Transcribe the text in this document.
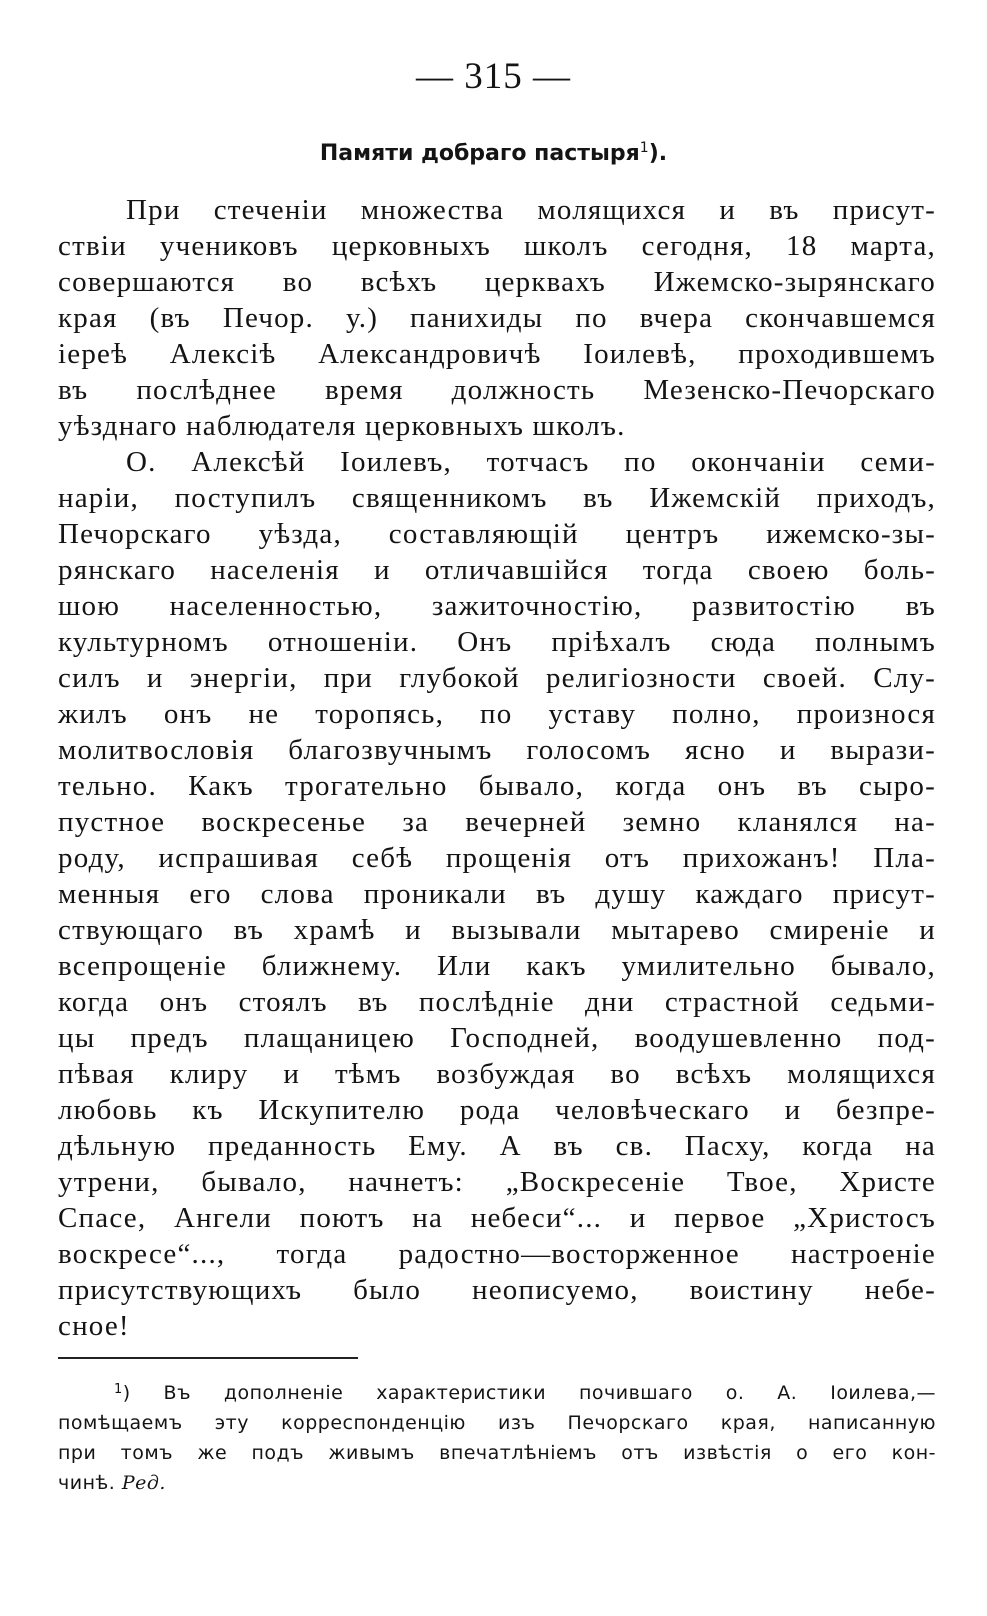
— 315 —
Памяти добраго пастыря$^1$).
При стеченіи множества молящихся и въ присут-
ствіи учениковъ церковныхъ школъ сегодня, 18 марта,
совершаются во всѣхъ церквахъ Ижемско-зырянскаго
края (въ Печор. у.) панихиды по вчера скончавшемся
іереѣ Алексіѣ Александровичѣ Іоилевѣ, проходившемъ
въ послѣднее время должность Мезенско-Печорскаго
уѣзднаго наблюдателя церковныхъ школъ.
О. Алексѣй Іоилевъ, тотчасъ по окончаніи семи-
наріи, поступилъ священникомъ въ Ижемскій приходъ,
Печорскаго уѣзда, составляющій центръ ижемско-зы-
рянскаго населенія и отличавшійся тогда своею боль-
шою населенностью, зажиточностію, развитостію въ
культурномъ отношеніи. Онъ пріѣхалъ сюда полнымъ
силъ и энергіи, при глубокой религіозности своей. Слу-
жилъ онъ не торопясь, по уставу полно, произнося
молитвословія благозвучнымъ голосомъ ясно и вырази-
тельно. Какъ трогательно бывало, когда онъ въ сыро-
пустное воскресенье за вечерней земно кланялся на-
роду, испрашивая себѣ прощенія отъ прихожанъ! Пла-
менныя его слова проникали въ душу каждаго присут-
ствующаго въ храмѣ и вызывали мытарево смиреніе и
всепрощеніе ближнему. Или какъ умилительно бывало,
когда онъ стоялъ въ послѣдніе дни страстной седьми-
цы предъ плащаницею Господней, воодушевленно под-
пѣвая клиру и тѣмъ возбуждая во всѣхъ молящихся
любовь къ Искупителю рода человѣческаго и безпре-
дѣльную преданность Ему. А въ св. Пасху, когда на
утрени, бывало, начнетъ: „Воскресеніе Твое, Христе
Спасе, Ангели поютъ на небеси“... и первое „Христосъ
воскресе“..., тогда радостно—восторженное настроеніе
присутствующихъ было неописуемо, воистину небе-
сное!
$^1$) Въ дополненіе характеристики почившаго о. А. Іоилева,—
помѣщаемъ эту корреспонденцію изъ Печорскаго края, написанную
при томъ же подъ живымъ впечатлѣніемъ отъ извѣстія о его кон-
чинѣ. Ред.
